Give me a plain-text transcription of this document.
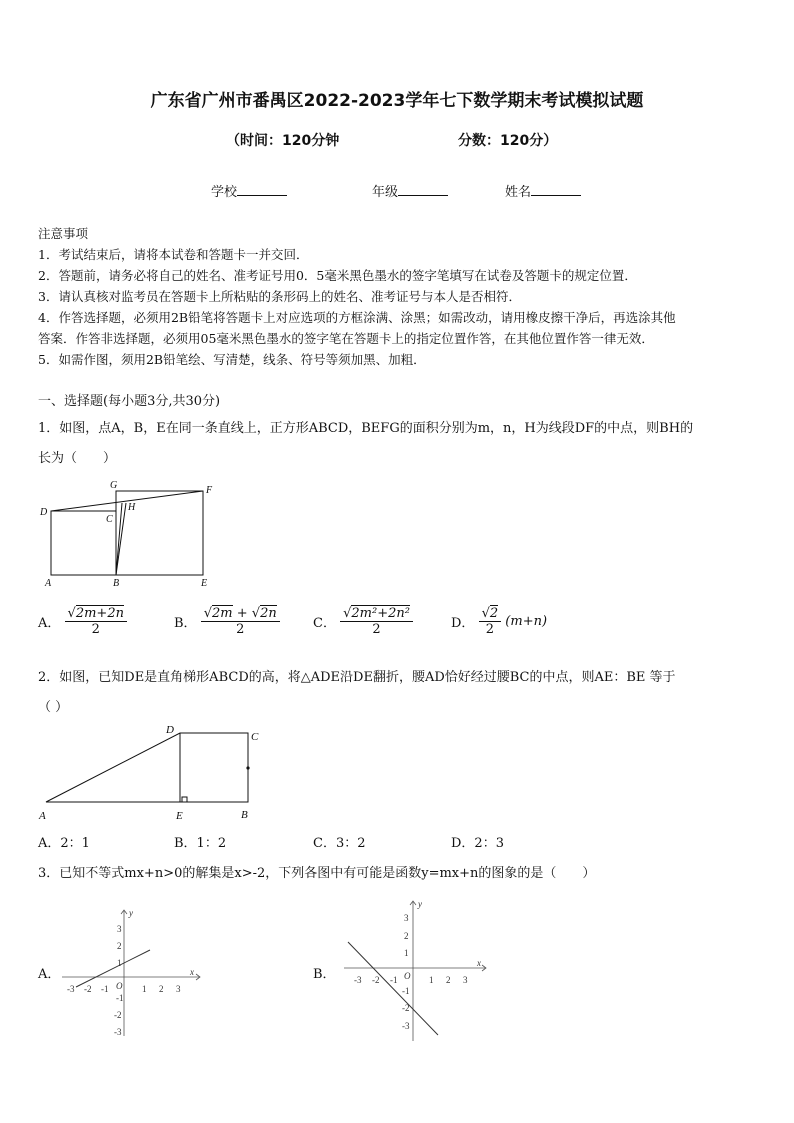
广东省广州市番禺区2022-2023学年七下数学期末考试模拟试题
（时间：120分钟	分数：120分）
学校	年级	姓名
注意事项
1．考试结束后，请将本试卷和答题卡一并交回．
2．答题前，请务必将自己的姓名、准考证号用0．5毫米黑色墨水的签字笔填写在试卷及答题卡的规定位置．
3．请认真核对监考员在答题卡上所粘贴的条形码上的姓名、准考证号与本人是否相符．
4．作答选择题，必须用2B铅笔将答题卡上对应选项的方框涂满、涂黑；如需改动，请用橡皮擦干净后，再选涂其他
答案．作答非选择题，必须用05毫米黑色墨水的签字笔在答题卡上的指定位置作答，在其他位置作答一律无效．
5．如需作图，须用2B铅笔绘、写清楚，线条、符号等须加黑、加粗．
一、选择题(每小题3分,共30分)
1．如图，点A，B，E在同一条直线上，正方形ABCD，BEFG的面积分别为m，n，H为线段DF的中点，则BH的
长为（　　）
D
G	F
C
H
A	B	E
A． $\frac{√2m+2n}{2}$	B． $\frac{√2m + √2n}{2}$	C． $\frac{\text{√2m²+2n²}}{2}$	D． $\frac{√2}{2} (m+n)$
2．如图，已知DE是直角梯形ABCD的高，将△ADE沿DE翻折，腰AD恰好经过腰BC的中点，则AE：BE 等于
（ ）
D
C
A	E	B
A．2：1	B．1：2	C．3：2	D．2：3
3．已知不等式mx+n>0的解集是x>-2，下列各图中有可能是函数y=mx+n的图象的是（　　）
A．	B．
x
y
O
-3 -2 -1	1 2 3
3
2
1
-1
-2
-3
x
y
O
-3 -2 -1	1 2 3
3
2
1
-1
-2
-3
